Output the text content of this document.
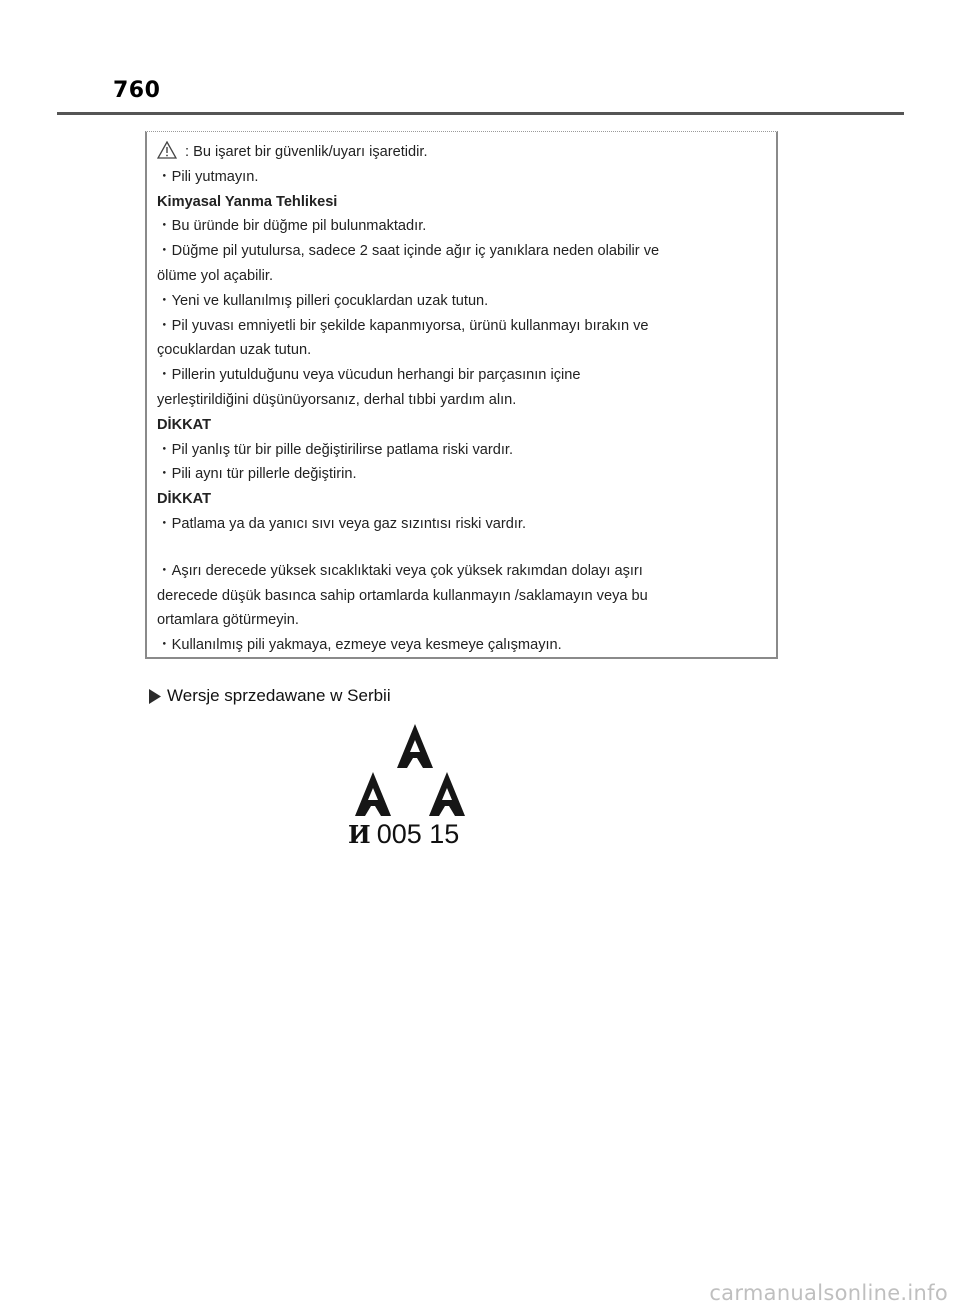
760
: Bu işaret bir güvenlik/uyarı işaretidir.
・Pili yutmayın.
Kimyasal Yanma Tehlikesi
・Bu üründe bir düğme pil bulunmaktadır.
・Düğme pil yutulursa, sadece 2 saat içinde ağır iç yanıklara neden olabilir ve
ölüme yol açabilir.
・Yeni ve kullanılmış pilleri çocuklardan uzak tutun.
・Pil yuvası emniyetli bir şekilde kapanmıyorsa, ürünü kullanmayı bırakın ve
çocuklardan uzak tutun.
・Pillerin yutulduğunu veya vücudun herhangi bir parçasının içine
yerleştirildiğini düşünüyorsanız, derhal tıbbi yardım alın.
DİKKAT
・Pil yanlış tür bir pille değiştirilirse patlama riski vardır.
・Pili aynı tür pillerle değiştirin.
DİKKAT
・Patlama ya da yanıcı sıvı veya gaz sızıntısı riski vardır.
・Aşırı derecede yüksek sıcaklıktaki veya çok yüksek rakımdan dolayı aşırı
derecede düşük basınca sahip ortamlarda kullanmayın /saklamayın veya bu
ortamlara götürmeyin.
・Kullanılmış pili yakmaya, ezmeye veya kesmeye çalışmayın.
Wersje sprzedawane w Serbii
И 005 15
carmanualsonline.info
